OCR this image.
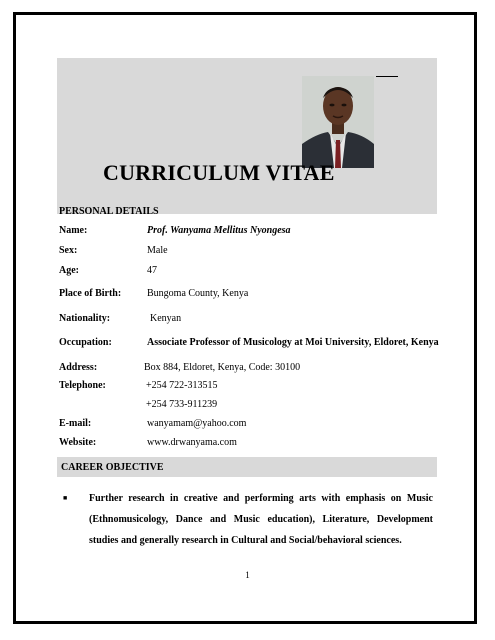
CURRICULUM VITAE
PERSONAL DETAILS
Name:	Prof. Wanyama Mellitus Nyongesa
Sex:	Male
Age:	47
Place of Birth:	Bungoma County, Kenya
Nationality:	Kenyan
Occupation:	Associate Professor of Musicology at Moi University, Eldoret, Kenya
Address:	Box 884, Eldoret, Kenya, Code: 30100
Telephone:	+254 722-313515
+254 733-911239
E-mail:	wanyamam@yahoo.com
Website:	www.drwanyama.com
CAREER OBJECTIVE
■	Further research in creative and performing arts with emphasis on Music (Ethnomusicology, Dance and Music education), Literature, Development studies and generally research in Cultural and Social/behavioral sciences.
1
